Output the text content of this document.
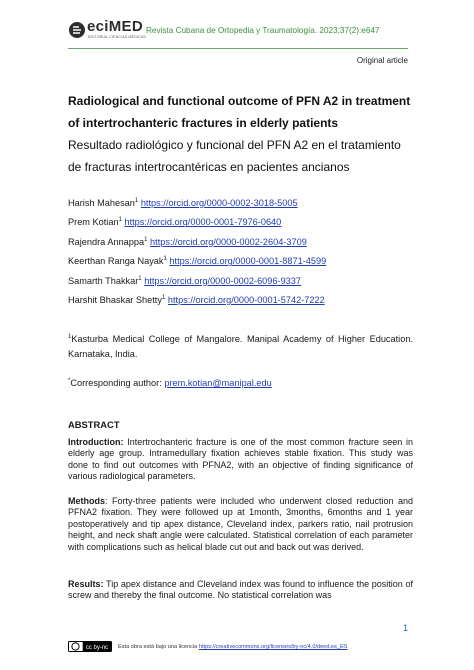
eciMED
EDITORIAL CIENCIAS MÉDICAS
Revista Cubana de Ortopedia y Traumatología. 2023;37(2):e647
Original article
Radiological and functional outcome of PFN A2 in treatment of intertrochanteric fractures in elderly patients
Resultado radiológico y funcional del PFN A2 en el tratamiento de fracturas intertrocantéricas en pacientes ancianos
Harish Mahesan$^1$ https://orcid.org/0000-0002-3018-5005
Prem Kotian$^1$ https://orcid.org/0000-0001-7976-0640
Rajendra Annappa$^1$ https://orcid.org/0000-0002-2604-3709
Keerthan Ranga Nayak$^1$ https://orcid.org/0000-0001-8871-4599
Samarth Thakkar$^1$ https://orcid.org/0000-0002-6096-9337
Harshit Bhaskar Shetty$^1$ https://orcid.org/0000-0001-5742-7222
$^1$Kasturba Medical College of Mangalore. Manipal Academy of Higher Education. Karnataka, India.
*Corresponding author: prem.kotian@manipal.edu
ABSTRACT
Introduction: Intertrochanteric fracture is one of the most common fracture seen in elderly age group. Intramedullary fixation achieves stable fixation. This study was done to find out outcomes with PFNA2, with an objective of finding significance of various radiological parameters.
Methods: Forty-three patients were included who underwent closed reduction and PFNA2 fixation. They were followed up at 1month, 3months, 6months and 1 year postoperatively and tip apex distance, Cleveland index, parkers ratio, nail protrusion height, and neck shaft angle were calculated. Statistical correlation of each parameter with complications such as helical blade cut out and back out was derived.
Results: Tip apex distance and Cleveland index was found to influence the position of screw and thereby the final outcome. No statistical correlation was
1
cc by-nc Esta obra está bajo una licencia https://creativecommons.org/licenses/by-nc/4.0/deed.es_ES
